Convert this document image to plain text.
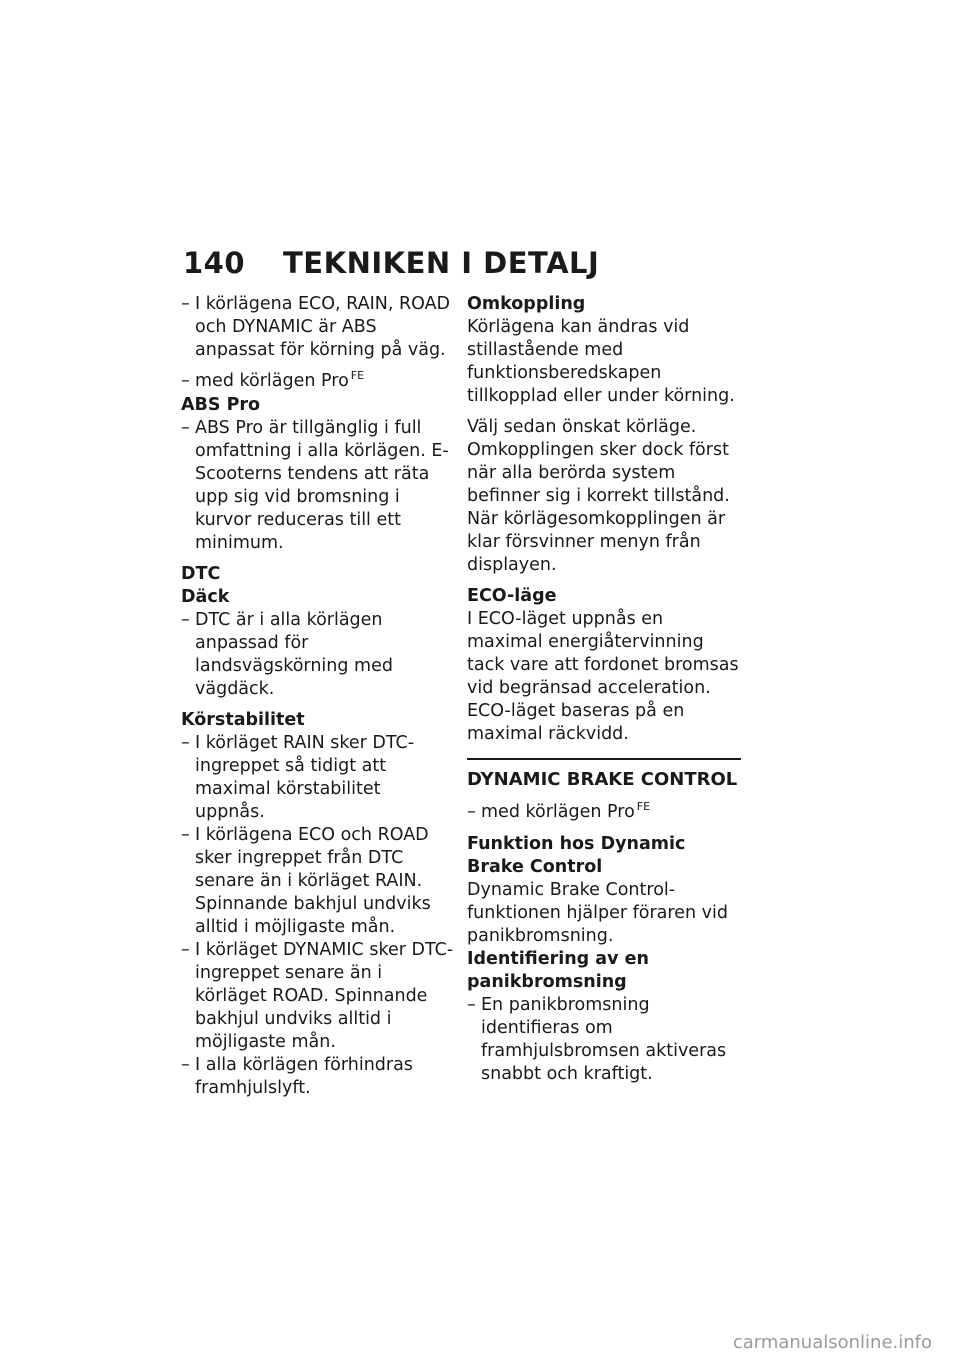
140 TEKNIKEN I DETALJ

– I körlägena ECO, RAIN, ROAD och DYNAMIC är ABS anpassat för körning på väg.

– med körlägen Pro $^{FE}$

ABS Pro

– ABS Pro är tillgänglig i full omfattning i alla körlägen. E-Scooterns tendens att räta upp sig vid bromsning i kurvor reduceras till ett minimum.

DTC

Däck

– DTC är i alla körlägen anpassad för landsvägskörning med vägdäck.

Körstabilitet

– I körläget RAIN sker DTC-ingreppet så tidigt att maximal körstabilitet uppnås.

– I körlägena ECO och ROAD sker ingreppet från DTC senare än i körläget RAIN. Spinnande bakhjul undviks alltid i möjligaste mån.

– I körläget DYNAMIC sker DTC-ingreppet senare än i körläget ROAD. Spinnande bakhjul undviks alltid i möjligaste mån.

– I alla körlägen förhindras framhjulslyft.

Omkoppling

Körlägena kan ändras vid stillastående med funktionsberedskapen tillkopplad eller under körning.

Välj sedan önskat körläge. Omkopplingen sker dock först när alla berörda system befinner sig i korrekt tillstånd.

När körlägesomkopplingen är klar försvinner menyn från displayen.

ECO-läge

I ECO-läget uppnås en maximal energiåtervinning tack vare att fordonet bromsas vid begränsad acceleration. ECO-läget baseras på en maximal räckvidd.

DYNAMIC BRAKE CONTROL

– med körlägen Pro $^{FE}$

Funktion hos Dynamic Brake Control

Dynamic Brake Control-funktionen hjälper föraren vid panikbromsning.

Identifiering av en panikbromsning

– En panikbromsning identifieras om framhjulsbromsen aktiveras snabbt och kraftigt.

carmanualsonline.info
